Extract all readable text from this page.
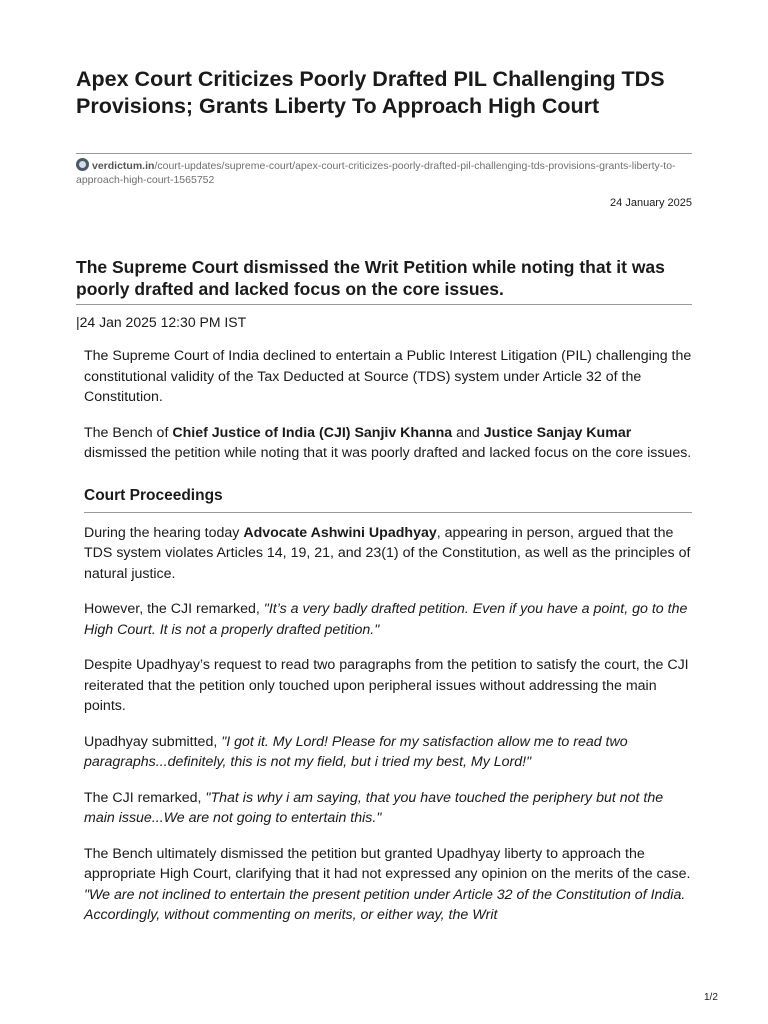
Apex Court Criticizes Poorly Drafted PIL Challenging TDS Provisions; Grants Liberty To Approach High Court
verdictum.in/court-updates/supreme-court/apex-court-criticizes-poorly-drafted-pil-challenging-tds-provisions-grants-liberty-to-approach-high-court-1565752
24 January 2025
The Supreme Court dismissed the Writ Petition while noting that it was poorly drafted and lacked focus on the core issues.
|24 Jan 2025 12:30 PM IST

The Supreme Court of India declined to entertain a Public Interest Litigation (PIL) challenging the constitutional validity of the Tax Deducted at Source (TDS) system under Article 32 of the Constitution.

The Bench of Chief Justice of India (CJI) Sanjiv Khanna and Justice Sanjay Kumar dismissed the petition while noting that it was poorly drafted and lacked focus on the core issues.

Court Proceedings

During the hearing today Advocate Ashwini Upadhyay, appearing in person, argued that the TDS system violates Articles 14, 19, 21, and 23(1) of the Constitution, as well as the principles of natural justice.

However, the CJI remarked, "It’s a very badly drafted petition. Even if you have a point, go to the High Court. It is not a properly drafted petition."

Despite Upadhyay’s request to read two paragraphs from the petition to satisfy the court, the CJI reiterated that the petition only touched upon peripheral issues without addressing the main points.

Upadhyay submitted, "I got it. My Lord! Please for my satisfaction allow me to read two paragraphs...definitely, this is not my field, but i tried my best, My Lord!"

The CJI remarked, "That is why i am saying, that you have touched the periphery but not the main issue...We are not going to entertain this."

The Bench ultimately dismissed the petition but granted Upadhyay liberty to approach the appropriate High Court, clarifying that it had not expressed any opinion on the merits of the case. "We are not inclined to entertain the present petition under Article 32 of the Constitution of India. Accordingly, without commenting on merits, or either way, the Writ

1/2
